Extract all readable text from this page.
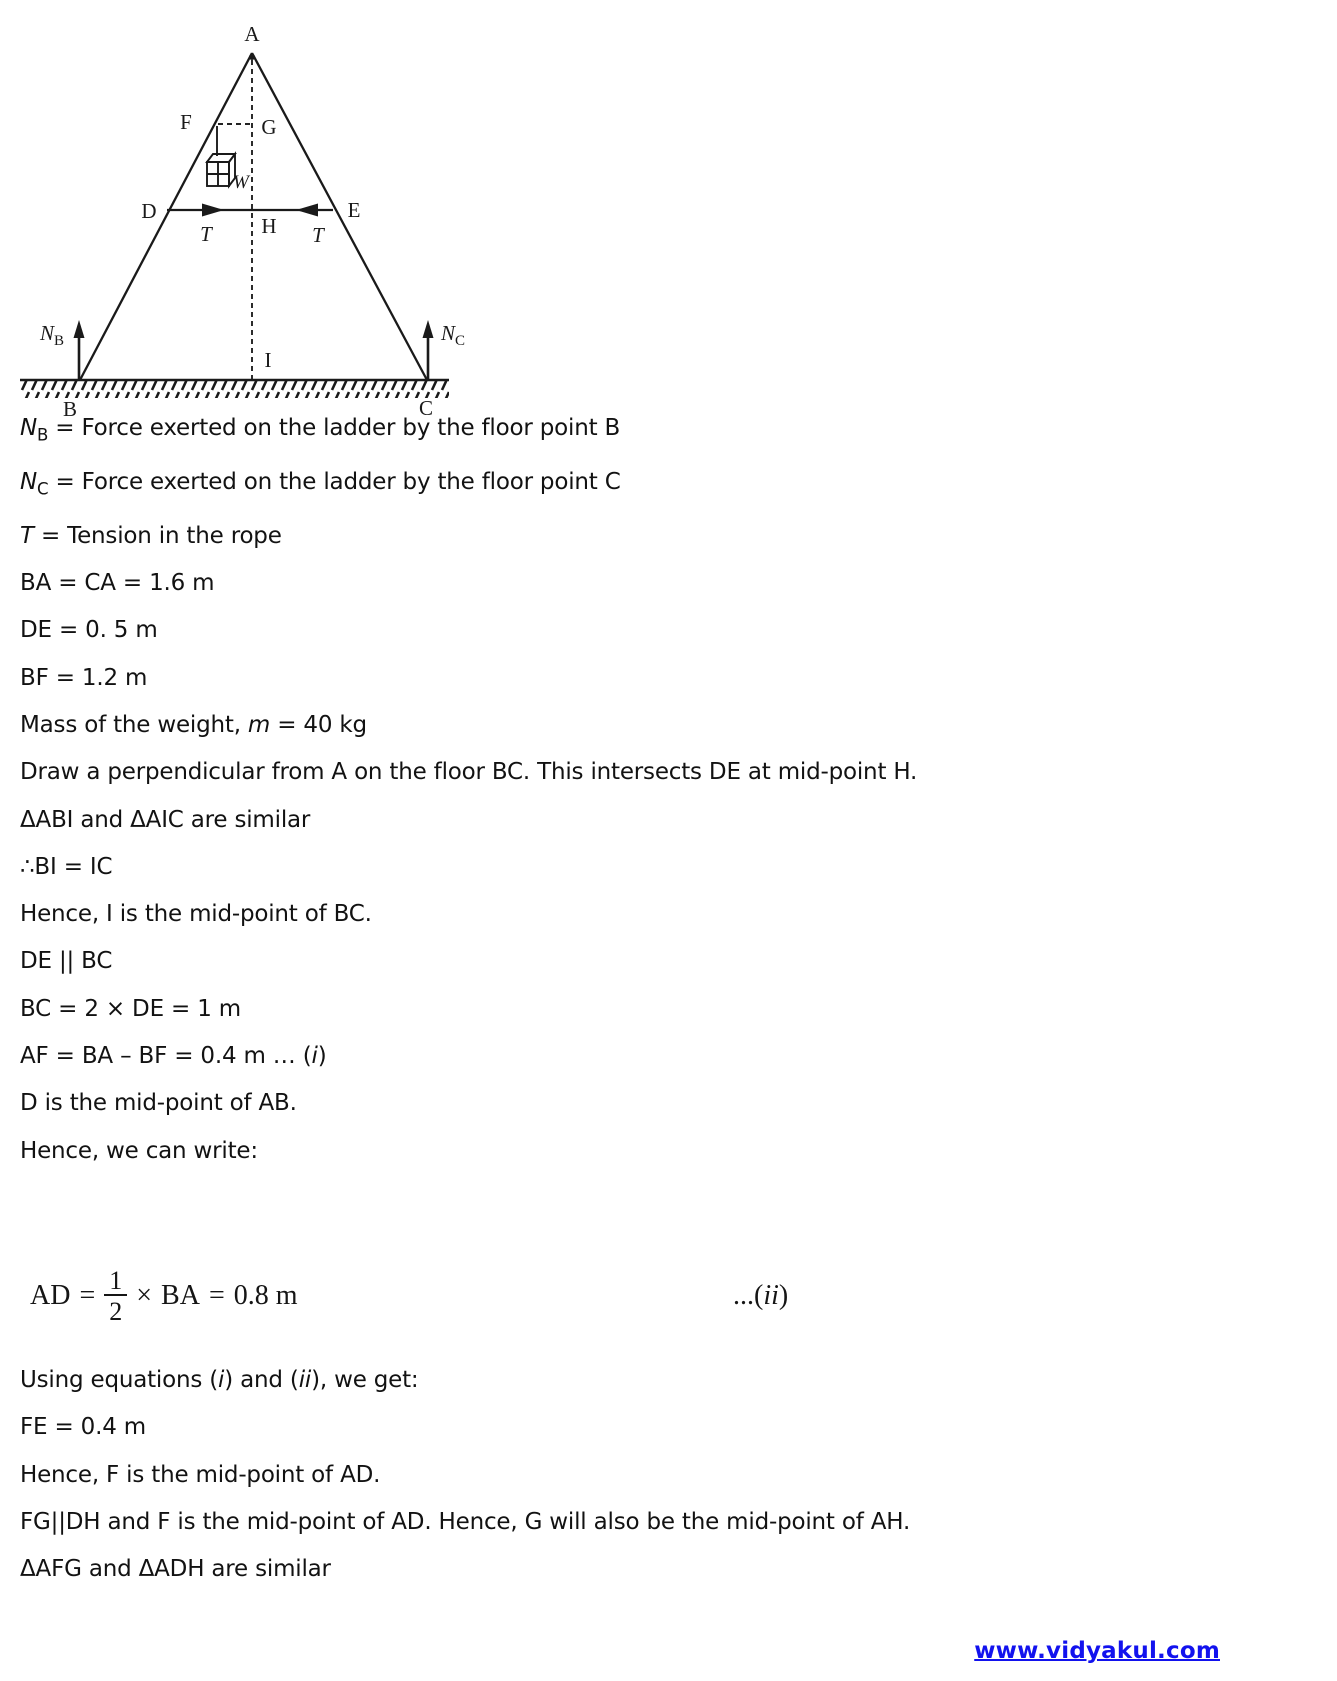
A
F	G
W
D	E
H
T	T
I
$N_B$	$N_C$
B	C
$N_B$ = Force exerted on the ladder by the floor point B
$N_C$ = Force exerted on the ladder by the floor point C
T = Tension in the rope
BA = CA = 1.6 m
DE = 0. 5 m
BF = 1.2 m
Mass of the weight, m = 40 kg
Draw a perpendicular from A on the floor BC. This intersects DE at mid-point H.
ΔABI and ΔAIC are similar
∴BI = IC
Hence, I is the mid-point of BC.
DE || BC
BC = 2 × DE = 1 m
AF = BA – BF = 0.4 m … (i)
D is the mid-point of AB.
Hence, we can write:
AD = $\frac{1}{2}$ × BA = 0.8 m	...(ii)
Using equations (i) and (ii), we get:
FE = 0.4 m
Hence, F is the mid-point of AD.
FG||DH and F is the mid-point of AD. Hence, G will also be the mid-point of AH.
ΔAFG and ΔADH are similar
www.vidyakul.com
